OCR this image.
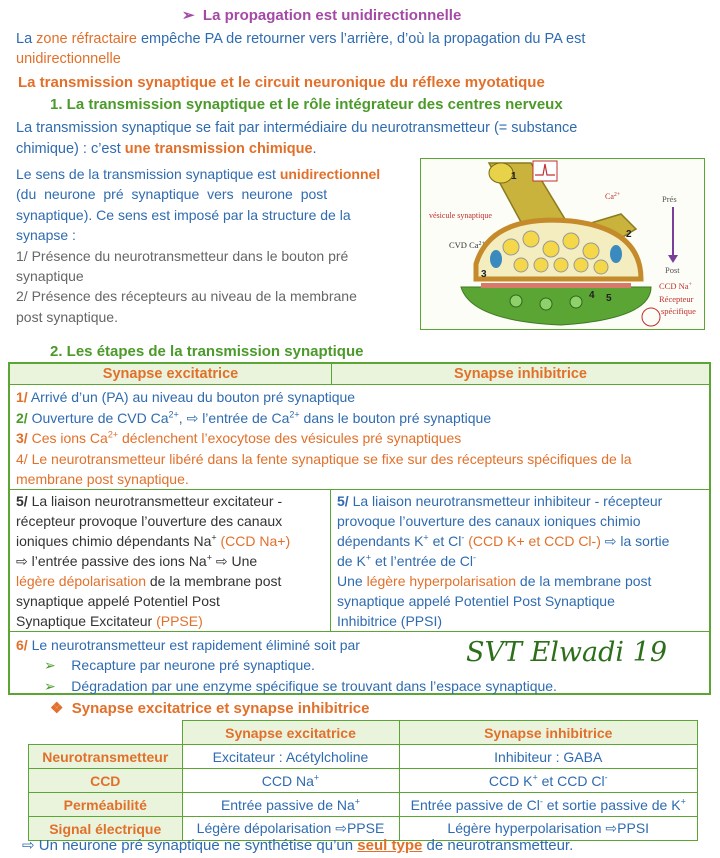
➢ La propagation est unidirectionnelle
La zone réfractaire empêche PA de retourner vers l’arrière, d’où la propagation du PA est
unidirectionnelle
La transmission synaptique et le circuit neuronique du réflexe myotatique
1. La transmission synaptique et le rôle intégrateur des centres nerveux
La transmission synaptique se fait par intermédiaire du neurotransmetteur (= substance
chimique) : c’est une transmission chimique.
Le sens de la transmission synaptique est unidirectionnel
(du neurone pré synaptique vers neurone post
synaptique). Ce sens est imposé par la structure de la
synapse :
1/ Présence du neurotransmetteur dans le bouton pré
synaptique
2/ Présence des récepteurs au niveau de la membrane
post synaptique.
vésicule synaptique
CVD $Ca^{2+}$
$Ca^{2+}$	Prés
Post
CCD Na+
Récepteur
spécifique
1
2
3
4 5
2. Les étapes de la transmission synaptique
Synapse excitatrice	Synapse inhibitrice
1/ Arrivé d’un (PA) au niveau du bouton pré synaptique
2/ Ouverture de CVD $Ca^{2+}$, ⇨ l’entrée de $Ca^{2+}$ dans le bouton pré synaptique
3/ Ces ions $Ca^{2+}$ déclenchent l’exocytose des vésicules pré synaptiques
4/ Le neurotransmetteur libéré dans la fente synaptique se fixe sur des récepteurs spécifiques de la
membrane post synaptique.
5/ La liaison neurotransmetteur excitateur -
récepteur provoque l’ouverture des canaux
ioniques chimio dépendants Na+ (CCD Na+)
⇨ l’entrée passive des ions Na+ ⇨ Une
légère dépolarisation de la membrane post
synaptique appelé Potentiel Post
Synaptique Excitateur (PPSE)
5/ La liaison neurotransmetteur inhibiteur - récepteur
provoque l’ouverture des canaux ioniques chimio
dépendants K+ et Cl- (CCD K+ et CCD Cl-) ⇨ la sortie
de K+ et l’entrée de Cl-
Une légère hyperpolarisation de la membrane post
synaptique appelé Potentiel Post Synaptique
Inhibitrice (PPSI)
6/ Le neurotransmetteur est rapidement éliminé soit par
➢ Recapture par neurone pré synaptique.
➢ Dégradation par une enzyme spécifique se trouvant dans l’espace synaptique.
SVT Elwadi 19
❖ Synapse excitatrice et synapse inhibitrice
	Synapse excitatrice	Synapse inhibitrice
Neurotransmetteur	Excitateur : Acétylcholine	Inhibiteur : GABA
CCD	CCD Na+	CCD K+ et CCD Cl-
Perméabilité	Entrée passive de Na+	Entrée passive de Cl- et sortie passive de K+
Signal électrique	Légère dépolarisation ⇨PPSE	Légère hyperpolarisation ⇨PPSI
⇨ Un neurone pré synaptique ne synthétise qu’un seul type de neurotransmetteur.
